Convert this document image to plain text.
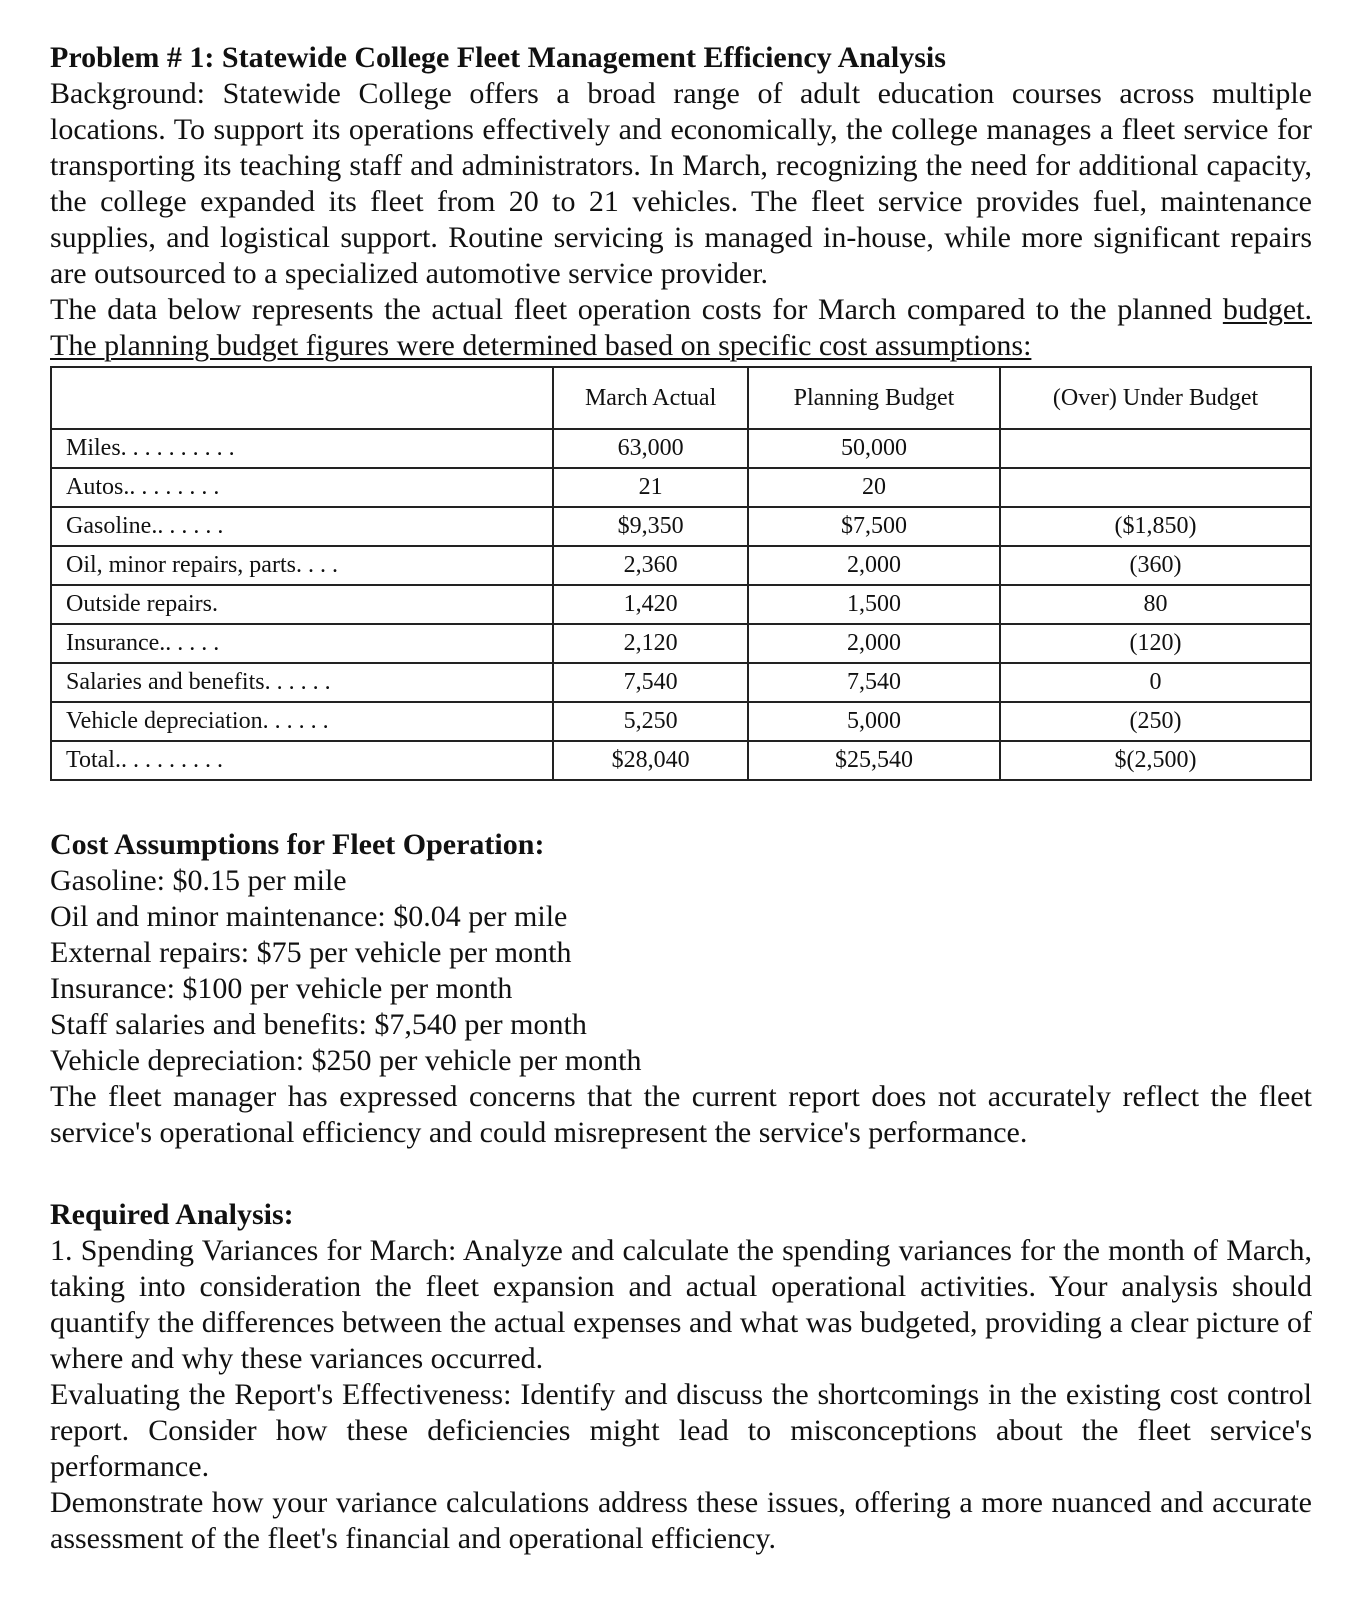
Problem # 1: Statewide College Fleet Management Efficiency Analysis

Background: Statewide College offers a broad range of adult education courses across multiple locations. To support its operations effectively and economically, the college manages a fleet service for transporting its teaching staff and administrators. In March, recognizing the need for additional capacity, the college expanded its fleet from 20 to 21 vehicles. The fleet service provides fuel, maintenance supplies, and logistical support. Routine servicing is managed in-house, while more significant repairs are outsourced to a specialized automotive service provider.

The data below represents the actual fleet operation costs for March compared to the planned budget. The planning budget figures were determined based on specific cost assumptions:

	March Actual	Planning Budget	(Over) Under Budget
Miles. . . . . . . . . .	63,000	50,000	
Autos.. . . . . . . .	21	20	
Gasoline.. . . . . .	$9,350	$7,500	($1,850)
Oil, minor repairs, parts. . . .	2,360	2,000	(360)
Outside repairs.	1,420	1,500	80
Insurance.. . . . .	2,120	2,000	(120)
Salaries and benefits. . . . . .	7,540	7,540	0
Vehicle depreciation. . . . . .	5,250	5,000	(250)
Total.. . . . . . . . .	$28,040	$25,540	$(2,500)

Cost Assumptions for Fleet Operation:

Gasoline: $0.15 per mile

Oil and minor maintenance: $0.04 per mile

External repairs: $75 per vehicle per month

Insurance: $100 per vehicle per month

Staff salaries and benefits: $7,540 per month

Vehicle depreciation: $250 per vehicle per month

The fleet manager has expressed concerns that the current report does not accurately reflect the fleet service's operational efficiency and could misrepresent the service's performance.

Required Analysis:

1. Spending Variances for March: Analyze and calculate the spending variances for the month of March, taking into consideration the fleet expansion and actual operational activities. Your analysis should quantify the differences between the actual expenses and what was budgeted, providing a clear picture of where and why these variances occurred.

Evaluating the Report's Effectiveness: Identify and discuss the shortcomings in the existing cost control report. Consider how these deficiencies might lead to misconceptions about the fleet service's performance.

Demonstrate how your variance calculations address these issues, offering a more nuanced and accurate assessment of the fleet's financial and operational efficiency.
